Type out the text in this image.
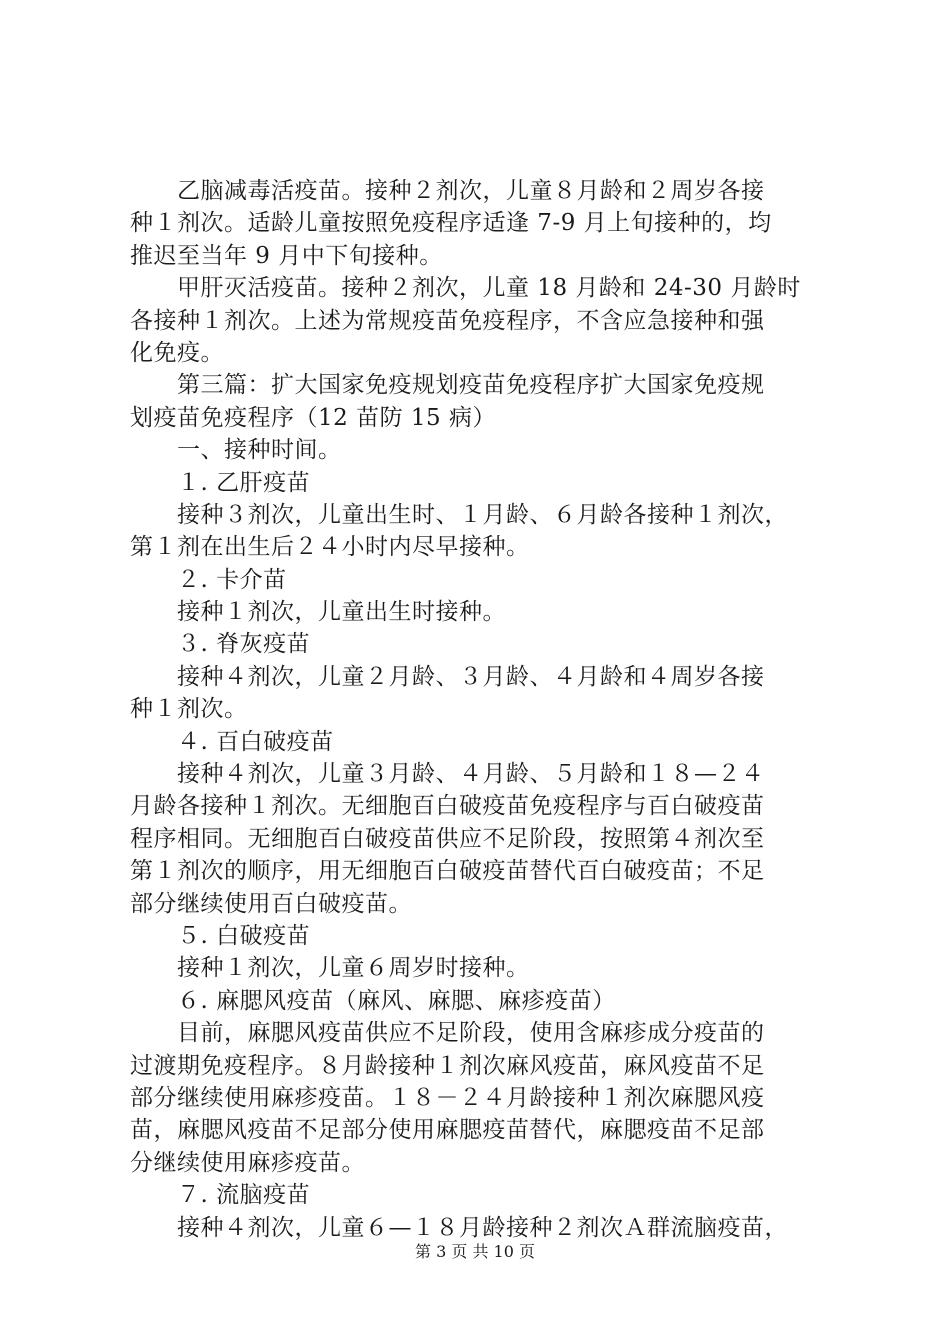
　　乙脑减毒活疫苗。接种２剂次，儿童８月龄和２周岁各接
种１剂次。适龄儿童按照免疫程序适逢 7-9 月上旬接种的，均
推迟至当年 9 月中下旬接种。
　　甲肝灭活疫苗。接种２剂次，儿童 18 月龄和 24-30 月龄时
各接种１剂次。上述为常规疫苗免疫程序，不含应急接种和强
化免疫。
　　第三篇：扩大国家免疫规划疫苗免疫程序扩大国家免疫规
划疫苗免疫程序（12 苗防 15 病）
　　一、接种时间。
　　１. 乙肝疫苗
　　接种３剂次，儿童出生时、１月龄、６月龄各接种１剂次，
第１剂在出生后２４小时内尽早接种。
　　２. 卡介苗
　　接种１剂次，儿童出生时接种。
　　３. 脊灰疫苗
　　接种４剂次，儿童２月龄、３月龄、４月龄和４周岁各接
种１剂次。
　　４. 百白破疫苗
　　接种４剂次，儿童３月龄、４月龄、５月龄和１８—２４
月龄各接种１剂次。无细胞百白破疫苗免疫程序与百白破疫苗
程序相同。无细胞百白破疫苗供应不足阶段，按照第４剂次至
第１剂次的顺序，用无细胞百白破疫苗替代百白破疫苗；不足
部分继续使用百白破疫苗。
　　５. 白破疫苗
　　接种１剂次，儿童６周岁时接种。
　　６. 麻腮风疫苗（麻风、麻腮、麻疹疫苗）
　　目前，麻腮风疫苗供应不足阶段，使用含麻疹成分疫苗的
过渡期免疫程序。８月龄接种１剂次麻风疫苗，麻风疫苗不足
部分继续使用麻疹疫苗。１８－２４月龄接种１剂次麻腮风疫
苗，麻腮风疫苗不足部分使用麻腮疫苗替代，麻腮疫苗不足部
分继续使用麻疹疫苗。
　　７. 流脑疫苗
　　接种４剂次，儿童６—１８月龄接种２剂次Ａ群流脑疫苗，
第 3 页 共 10 页
